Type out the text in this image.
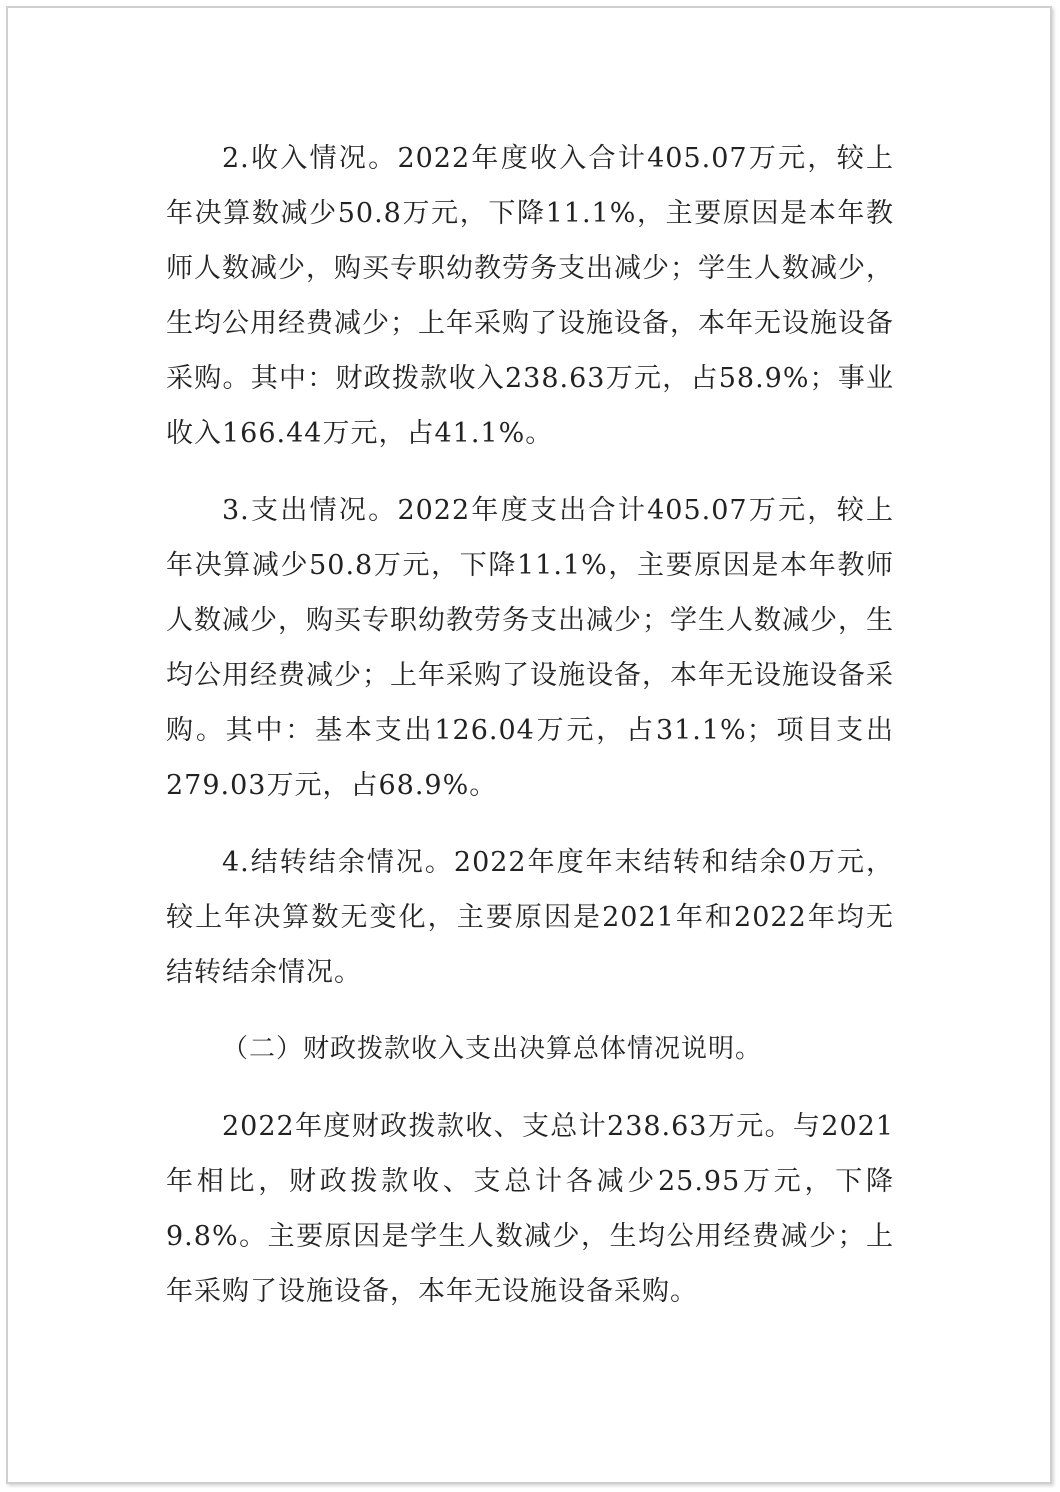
2.收入情况。2022年度收入合计405.07万元，较上年决算数减少50.8万元，下降11.1%，主要原因是本年教师人数减少，购买专职幼教劳务支出减少；学生人数减少，生均公用经费减少；上年采购了设施设备，本年无设施设备采购。其中：财政拨款收入238.63万元，占58.9%；事业收入166.44万元，占41.1%。

3.支出情况。2022年度支出合计405.07万元，较上年决算减少50.8万元，下降11.1%，主要原因是本年教师人数减少，购买专职幼教劳务支出减少；学生人数减少，生均公用经费减少；上年采购了设施设备，本年无设施设备采购。其中：基本支出126.04万元，占31.1%；项目支出279.03万元，占68.9%。

4.结转结余情况。2022年度年末结转和结余0万元，较上年决算数无变化，主要原因是2021年和2022年均无结转结余情况。

（二）财政拨款收入支出决算总体情况说明。

2022年度财政拨款收、支总计238.63万元。与2021年相比，财政拨款收、支总计各减少25.95万元，下降9.8%。主要原因是学生人数减少，生均公用经费减少；上年采购了设施设备，本年无设施设备采购。
